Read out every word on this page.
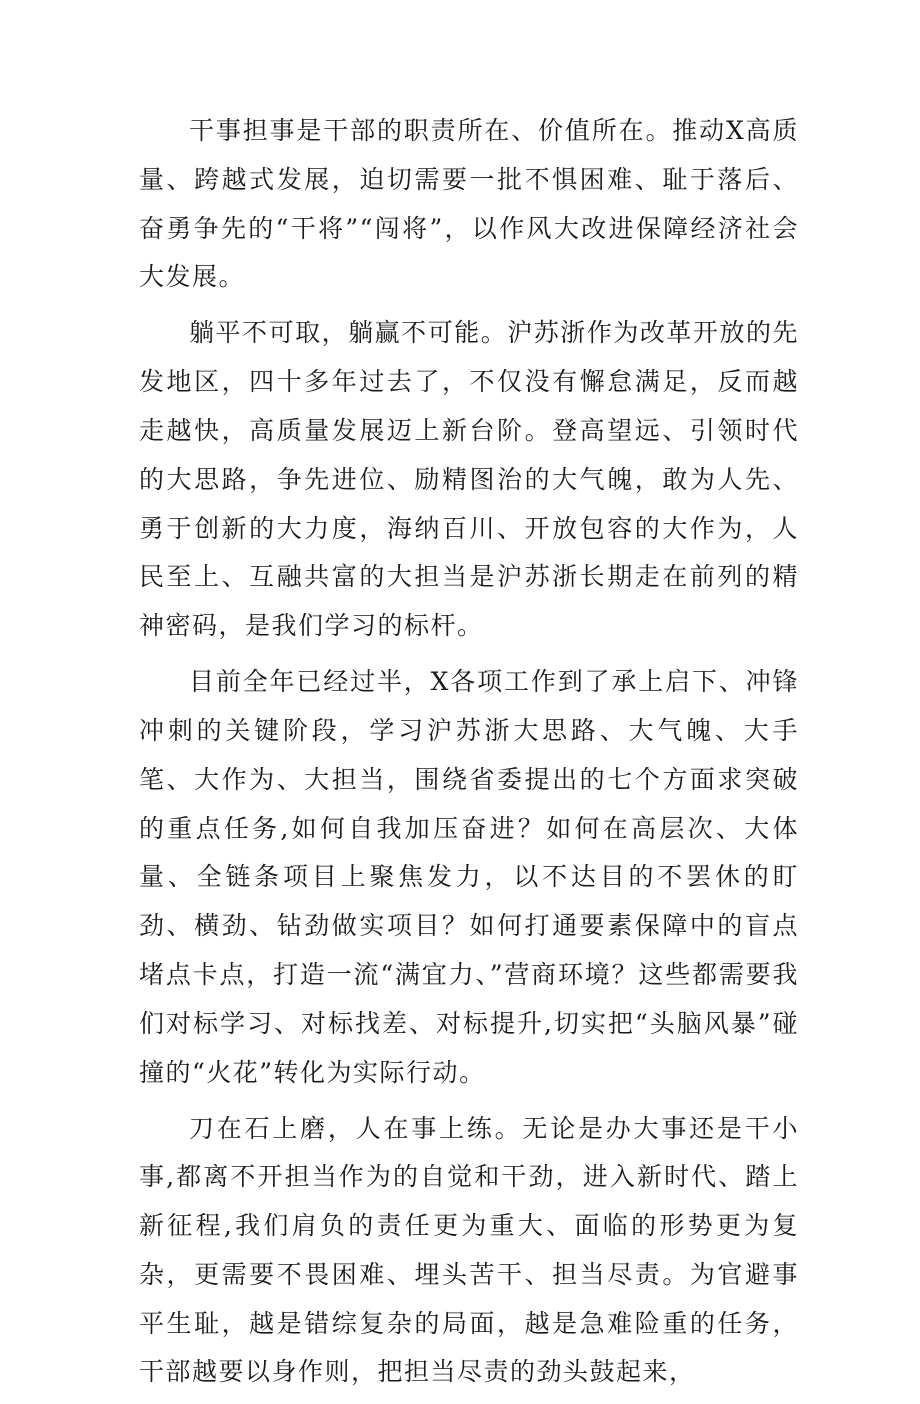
干事担事是干部的职责所在、价值所在。推动X高质量、跨越式发展，迫切需要一批不惧困难、耻于落后、奋勇争先的“干将”“闯将”，以作风大改进保障经济社会大发展。

躺平不可取，躺赢不可能。沪苏浙作为改革开放的先发地区，四十多年过去了，不仅没有懈怠满足，反而越走越快，高质量发展迈上新台阶。登高望远、引领时代的大思路，争先进位、励精图治的大气魄，敢为人先、勇于创新的大力度，海纳百川、开放包容的大作为，人民至上、互融共富的大担当是沪苏浙长期走在前列的精神密码，是我们学习的标杆。

目前全年已经过半，X各项工作到了承上启下、冲锋冲刺的关键阶段，学习沪苏浙大思路、大气魄、大手笔、大作为、大担当，围绕省委提出的七个方面求突破的重点任务,如何自我加压奋进？如何在高层次、大体量、全链条项目上聚焦发力，以不达目的不罢休的盯劲、横劲、钻劲做实项目？如何打通要素保障中的盲点堵点卡点，打造一流“满宜力、”营商环境？这些都需要我们对标学习、对标找差、对标提升,切实把“头脑风暴”碰撞的“火花”转化为实际行动。

刀在石上磨，人在事上练。无论是办大事还是干小事,都离不开担当作为的自觉和干劲，进入新时代、踏上新征程,我们肩负的责任更为重大、面临的形势更为复杂，更需要不畏困难、埋头苦干、担当尽责。为官避事平生耻，越是错综复杂的局面，越是急难险重的任务，干部越要以身作则，把担当尽责的劲头鼓起来，
